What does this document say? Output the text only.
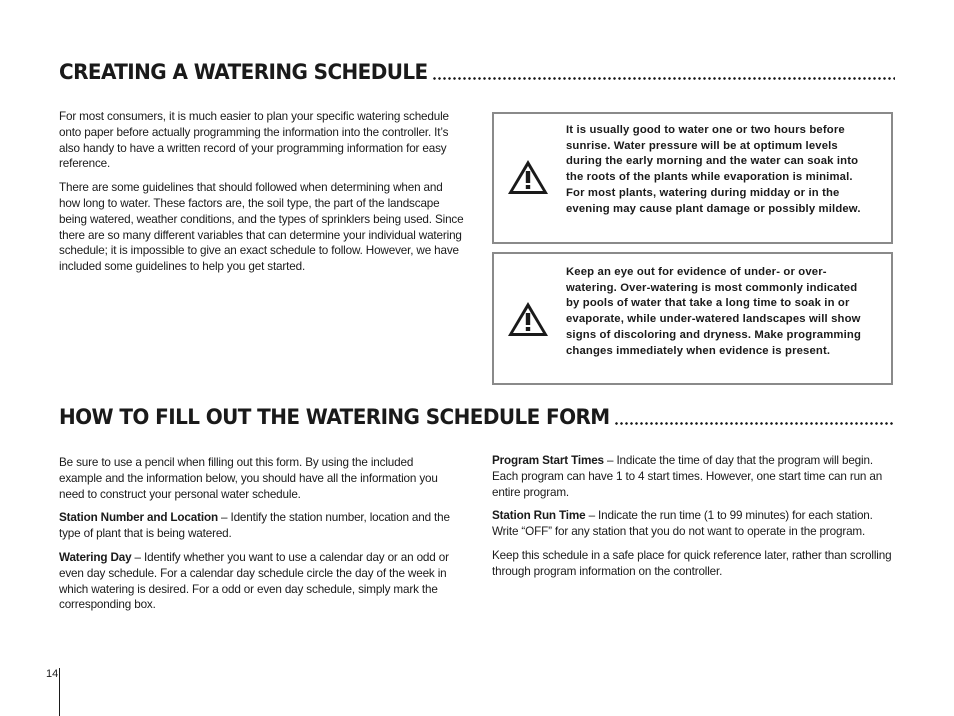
CREATING A WATERING SCHEDULE

For most consumers, it is much easier to plan your specific watering schedule onto paper before actually programming the information into the controller. It’s also handy to have a written record of your programming information for easy reference.

There are some guidelines that should followed when determining when and how long to water. These factors are, the soil type, the part of the landscape being watered, weather conditions, and the types of sprinklers being used. Since there are so many different variables that can determine your individual watering schedule; it is impossible to give an exact schedule to follow. However, we have included some guidelines to help you get started.

It is usually good to water one or two hours before sunrise. Water pressure will be at optimum levels during the early morning and the water can soak into the roots of the plants while evaporation is minimal. For most plants, watering during midday or in the evening may cause plant damage or possibly mildew.
Keep an eye out for evidence of under- or over-watering. Over-watering is most commonly indicated by pools of water that take a long time to soak in or evaporate, while under-watered landscapes will show signs of discoloring and dryness. Make programming changes immediately when evidence is present.
HOW TO FILL OUT THE WATERING SCHEDULE FORM

Be sure to use a pencil when filling out this form. By using the included example and the information below, you should have all the information you need to construct your personal water schedule.

Station Number and Location – Identify the station number, location and the type of plant that is being watered.

Watering Day – Identify whether you want to use a calendar day or an odd or even day schedule. For a calendar day schedule circle the day of the week in which watering is desired. For a odd or even day schedule, simply mark the corresponding box.

Program Start Times – Indicate the time of day that the program will begin. Each program can have 1 to 4 start times. However, one start time can run an entire program.

Station Run Time – Indicate the run time (1 to 99 minutes) for each station. Write “OFF” for any station that you do not want to operate in the program.

Keep this schedule in a safe place for quick reference later, rather than scrolling through program information on the controller.

14
